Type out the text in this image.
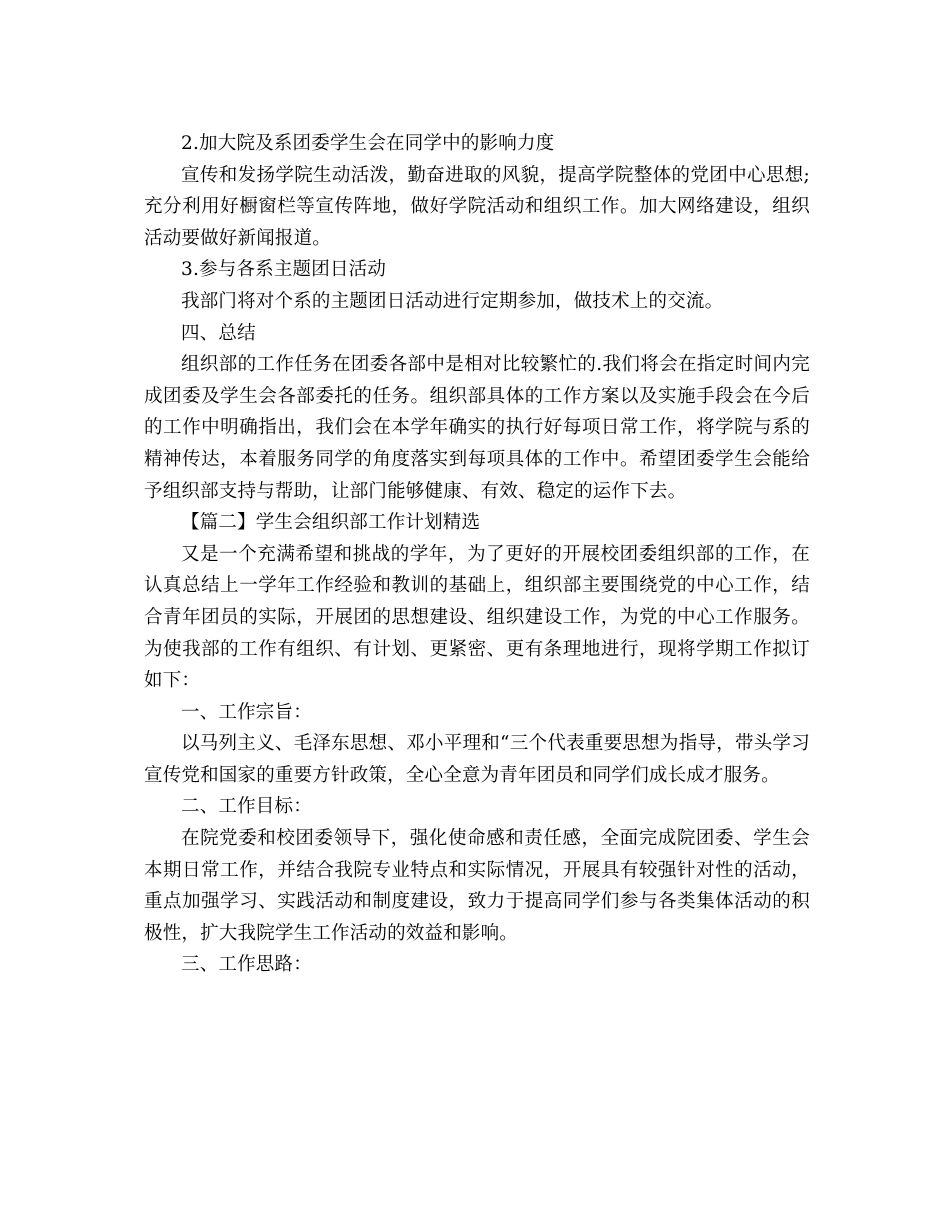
2.加大院及系团委学生会在同学中的影响力度

宣传和发扬学院生动活泼，勤奋进取的风貌，提高学院整体的党团中心思想;充分利用好橱窗栏等宣传阵地，做好学院活动和组织工作。加大网络建设，组织活动要做好新闻报道。

3.参与各系主题团日活动

我部门将对个系的主题团日活动进行定期参加，做技术上的交流。

四、总结

组织部的工作任务在团委各部中是相对比较繁忙的.我们将会在指定时间内完成团委及学生会各部委托的任务。组织部具体的工作方案以及实施手段会在今后的工作中明确指出，我们会在本学年确实的执行好每项日常工作，将学院与系的精神传达，本着服务同学的角度落实到每项具体的工作中。希望团委学生会能给予组织部支持与帮助，让部门能够健康、有效、稳定的运作下去。

【篇二】学生会组织部工作计划精选

又是一个充满希望和挑战的学年，为了更好的开展校团委组织部的工作，在认真总结上一学年工作经验和教训的基础上，组织部主要围绕党的中心工作，结合青年团员的实际，开展团的思想建设、组织建设工作，为党的中心工作服务。为使我部的工作有组织、有计划、更紧密、更有条理地进行，现将学期工作拟订如下：

一、工作宗旨：

以马列主义、毛泽东思想、邓小平理和“三个代表重要思想为指导，带头学习宣传党和国家的重要方针政策，全心全意为青年团员和同学们成长成才服务。

二、工作目标：

在院党委和校团委领导下，强化使命感和责任感，全面完成院团委、学生会本期日常工作，并结合我院专业特点和实际情况，开展具有较强针对性的活动，重点加强学习、实践活动和制度建设，致力于提高同学们参与各类集体活动的积极性，扩大我院学生工作活动的效益和影响。

三、工作思路：
